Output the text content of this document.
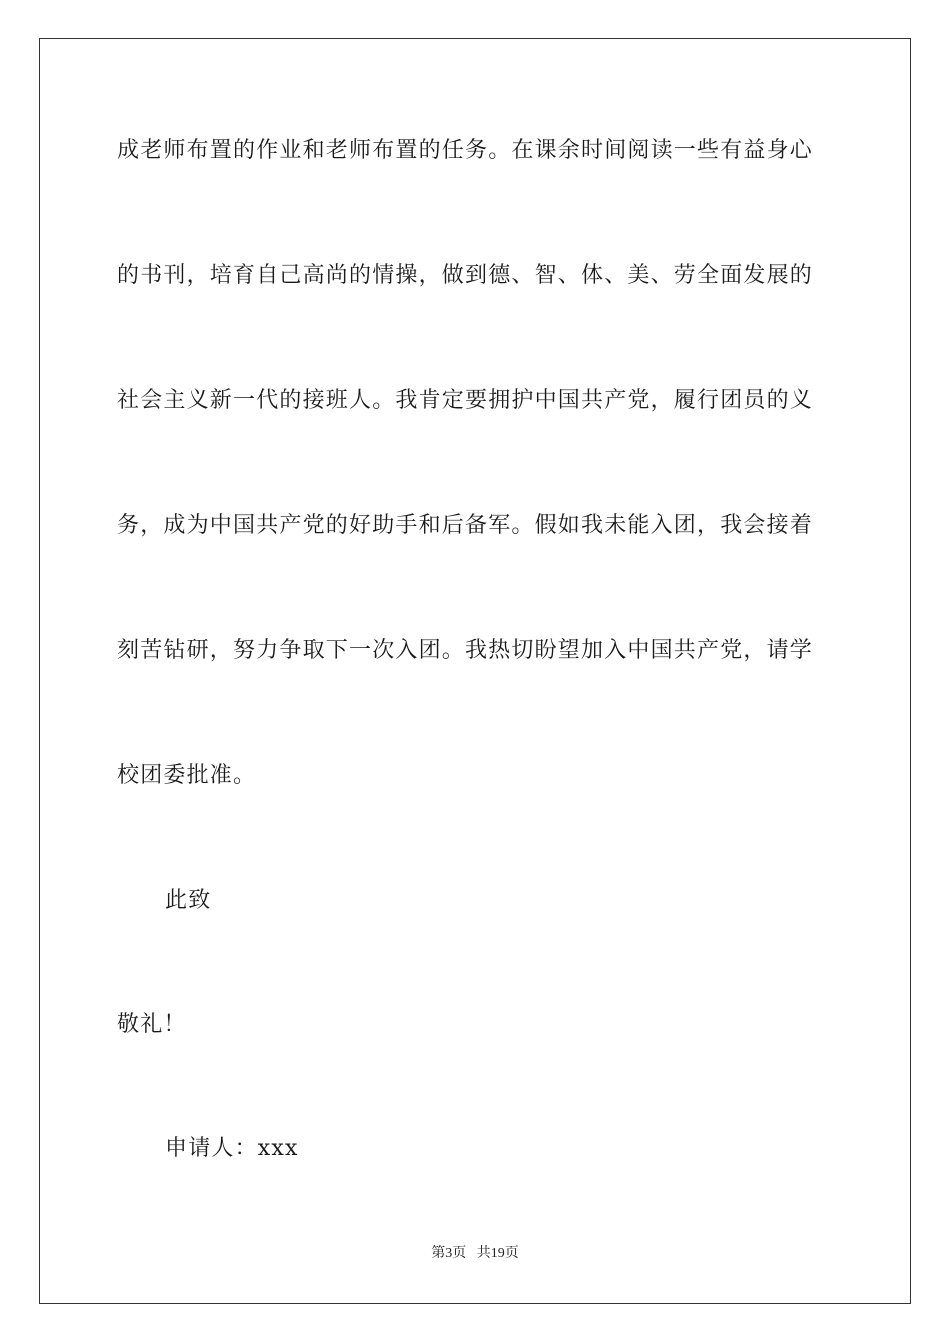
成老师布置的作业和老师布置的任务。在课余时间阅读一些有益身心
的书刊，培育自己高尚的情操，做到德、智、体、美、劳全面发展的
社会主义新一代的接班人。我肯定要拥护中国共产党，履行团员的义
务，成为中国共产党的好助手和后备军。假如我未能入团，我会接着
刻苦钻研，努力争取下一次入团。我热切盼望加入中国共产党，请学
校团委批准。
此致
敬礼！
申请人：xxx
第3页 共19页
